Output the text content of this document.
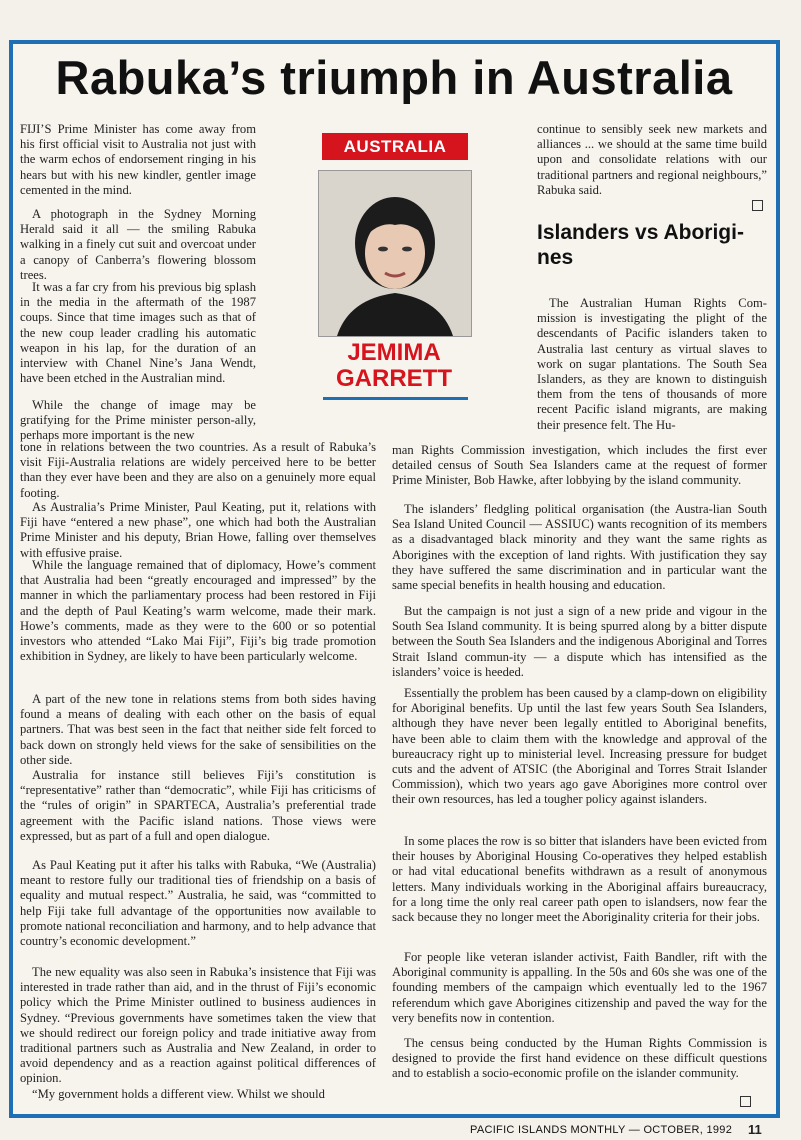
Rabuka’s triumph in Australia

FIJI’S Prime Minister has come away from his first official visit to Australia not just with the warm echos of endorsement ringing in his hears but with his new kindler, gentler image cemented in the mind.

A photograph in the Sydney Morning Herald said it all — the smiling Rabuka walking in a finely cut suit and overcoat under a canopy of Canberra’s flowering blossom trees.

It was a far cry from his previous big splash in the media in the aftermath of the 1987 coups. Since that time images such as that of the new coup leader cradling his automatic weapon in his lap, for the duration of an interview with Chanel Nine’s Jana Wendt, have been etched in the Australian mind.

While the change of image may be gratifying for the Prime minister person-ally, perhaps more important is the new

AUSTRALIA
JEMIMA
GARRETT

tone in relations between the two countries. As a result of Rabuka’s visit Fiji-Australia relations are widely perceived here to be better than they ever have been and they are also on a genuinely more equal footing.

As Australia’s Prime Minister, Paul Keating, put it, relations with Fiji have “entered a new phase”, one which had both the Australian Prime Minister and his deputy, Brian Howe, falling over themselves with effusive praise.

While the language remained that of diplomacy, Howe’s comment that Australia had been “greatly encouraged and impressed” by the manner in which the parliamentary process had been restored in Fiji and the depth of Paul Keating’s warm welcome, made their mark. Howe’s comments, made as they were to the 600 or so potential investors who attended “Lako Mai Fiji”, Fiji’s big trade promotion exhibition in Sydney, are likely to have been particularly welcome.

A part of the new tone in relations stems from both sides having found a means of dealing with each other on the basis of equal partners. That was best seen in the fact that neither side felt forced to back down on strongly held views for the sake of sensibilities on the other side.

Australia for instance still believes Fiji’s constitution is “representative” rather than “democratic”, while Fiji has criticisms of the “rules of origin” in SPARTECA, Australia’s preferential trade agreement with the Pacific island nations. Those views were expressed, but as part of a full and open dialogue.

As Paul Keating put it after his talks with Rabuka, “We (Australia) meant to restore fully our traditional ties of friendship on a basis of equality and mutual respect.” Australia, he said, was “committed to help Fiji take full advantage of the opportunities now available to promote national reconciliation and harmony, and to help advance that country’s economic development.”

The new equality was also seen in Rabuka’s insistence that Fiji was interested in trade rather than aid, and in the thrust of Fiji’s economic policy which the Prime Minister outlined to business audiences in Sydney. “Previous governments have sometimes taken the view that we should redirect our foreign policy and trade initiative away from traditional partners such as Australia and New Zealand, in order to avoid dependency and as a reaction against political differences of opinion.

“My government holds a different view. Whilst we should

continue to sensibly seek new markets and alliances ... we should at the same time build upon and consolidate relations with our traditional partners and regional neighbours,” Rabuka said.

Islanders vs Aborigi-nes

The Australian Human Rights Com-mission is investigating the plight of the descendants of Pacific islanders taken to Australia last century as virtual slaves to work on sugar plantations. The South Sea Islanders, as they are known to distinguish them from the tens of thousands of more recent Pacific island migrants, are making their presence felt. The Hu-

man Rights Commission investigation, which includes the first ever detailed census of South Sea Islanders came at the request of former Prime Minister, Bob Hawke, after lobbying by the island community.

The islanders’ fledgling political organisation (the Austra-lian South Sea Island United Council — ASSIUC) wants recognition of its members as a disadvantaged black minority and they want the same rights as Aborigines with the exception of land rights. With justification they say they have suffered the same discrimination and in particular want the same special benefits in health housing and education.

But the campaign is not just a sign of a new pride and vigour in the South Sea Island community. It is being spurred along by a bitter dispute between the South Sea Islanders and the indigenous Aboriginal and Torres Strait Island commun-ity — a dispute which has intensified as the islanders’ voice is heeded.

Essentially the problem has been caused by a clamp-down on eligibility for Aboriginal benefits. Up until the last few years South Sea Islanders, although they have never been legally entitled to Aboriginal benefits, have been able to claim them with the knowledge and approval of the bureaucracy right up to ministerial level. Increasing pressure for budget cuts and the advent of ATSIC (the Aboriginal and Torres Strait Islander Commission), which two years ago gave Aborigines more control over their own resources, has led a tougher policy against islanders.

In some places the row is so bitter that islanders have been evicted from their houses by Aboriginal Housing Co-operatives they helped establish or had vital educational benefits withdrawn as a result of anonymous letters. Many individuals working in the Aboriginal affairs bureaucracy, for a long time the only real career path open to islandsers, now fear the sack because they no longer meet the Aboriginality criteria for their jobs.

For people like veteran islander activist, Faith Bandler, rift with the Aboriginal community is appalling. In the 50s and 60s she was one of the founding members of the campaign which eventually led to the 1967 referendum which gave Aborigines citizenship and paved the way for the very benefits now in contention.

The census being conducted by the Human Rights Commission is designed to provide the first hand evidence on these difficult questions and to establish a socio-economic profile on the islander community.

PACIFIC ISLANDS MONTHLY — OCTOBER, 1992 11
